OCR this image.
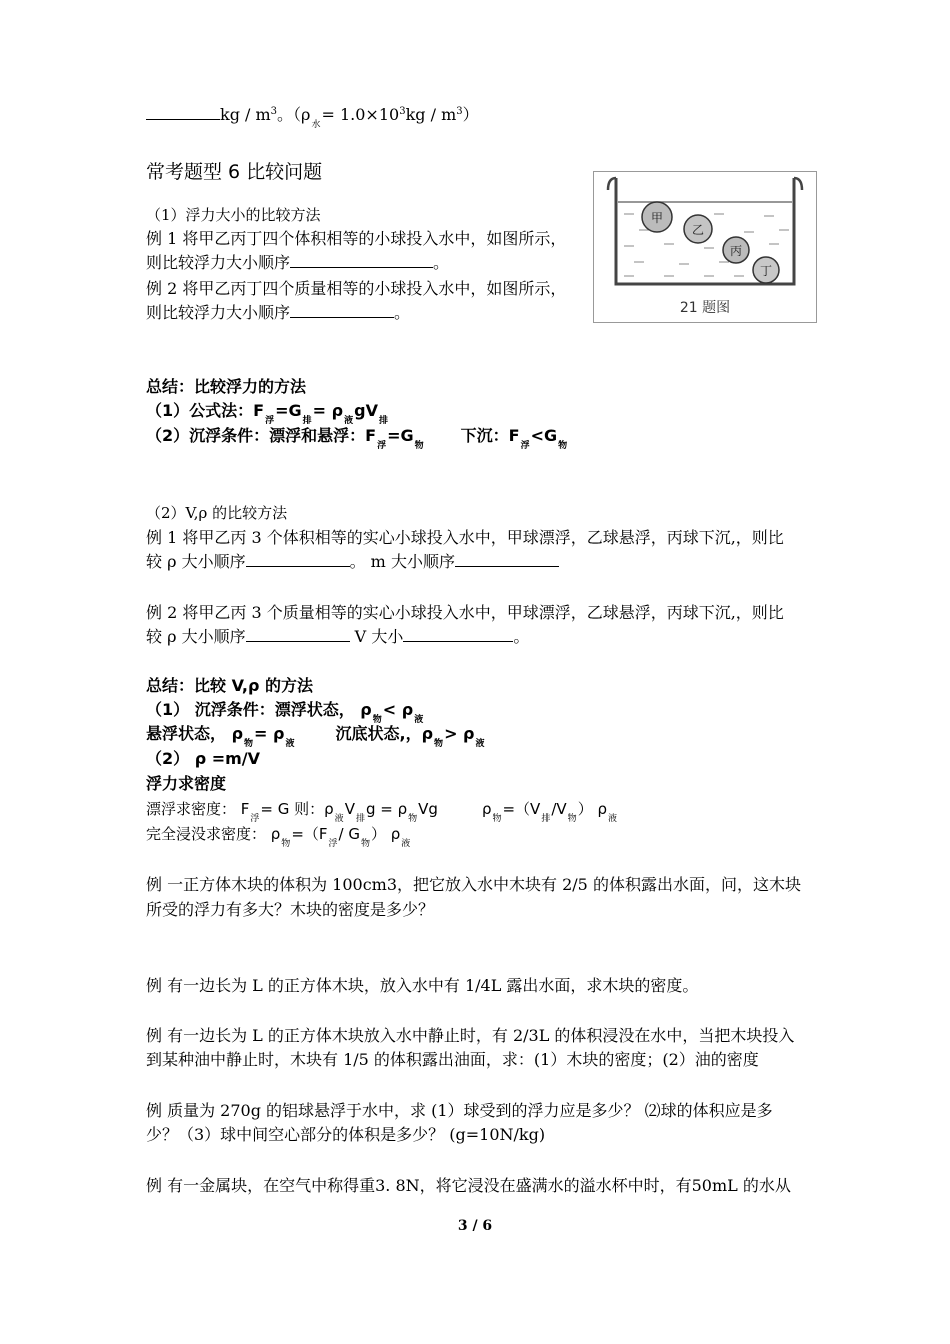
kg / $m^3$。$(\rho_水= 1.0\times 10^3kg / m^3)$
常考题型 6 比较问题
（1）浮力大小的比较方法
例 1 将甲乙丙丁四个体积相等的小球投入水中，如图所示，
则比较浮力大小顺序	。
例 2 将甲乙丙丁四个质量相等的小球投入水中，如图所示，
则比较浮力大小顺序	。
甲
乙
丙
丁
21 题图
总结：比较浮力的方法
（1）公式法：$F_浮=G_排= \rho_液gV_排$
（2）沉浮条件：漂浮和悬浮：$F_浮=G_物$下沉：$F_浮<G_物$
（2）V,ρ 的比较方法
例 1 将甲乙丙 3 个体积相等的实心小球投入水中，甲球漂浮，乙球悬浮，丙球下沉,，则比
较 ρ 大小顺序	。 m 大小顺序
例 2 将甲乙丙 3 个质量相等的实心小球投入水中，甲球漂浮，乙球悬浮，丙球下沉,，则比
较 ρ 大小顺序	V 大小	。
总结：比较 V,ρ 的方法
（1） 沉浮条件：漂浮状态， $\rho_物< \rho_液$
悬浮状态， $\rho_物= \rho_液$沉底状态,，$\rho_物> \rho_液$
（2） ρ =m/V
浮力求密度
漂浮求密度： $F_浮= G$ 则：$\rho_液V_排g = \rho_物Vg$	$\rho_物=(V_排/V_物)$ $\rho_液$
完全浸没求密度： $\rho_物=(F_浮/$ $G_物$） $\rho_液$
例 一正方体木块的体积为 100cm3，把它放入水中木块有 2/5 的体积露出水面，问，这木块
所受的浮力有多大？木块的密度是多少？
例 有一边长为 L 的正方体木块，放入水中有 1/4L 露出水面，求木块的密度。
例 有一边长为 L 的正方体木块放入水中静止时，有 2/3L 的体积浸没在水中，当把木块投入
到某种油中静止时，木块有 1/5 的体积露出油面，求：(1）木块的密度；(2）油的密度
例 质量为 270g 的铝球悬浮于水中，求 (1）球受到的浮力应是多少？ ⑵球的体积应是多
少？（3）球中间空心部分的体积是多少？ (g=10N/kg)
例 有一金属块，在空气中称得重3. 8N，将它浸没在盛满水的溢水杯中时，有50mL 的水从
3 / 6
